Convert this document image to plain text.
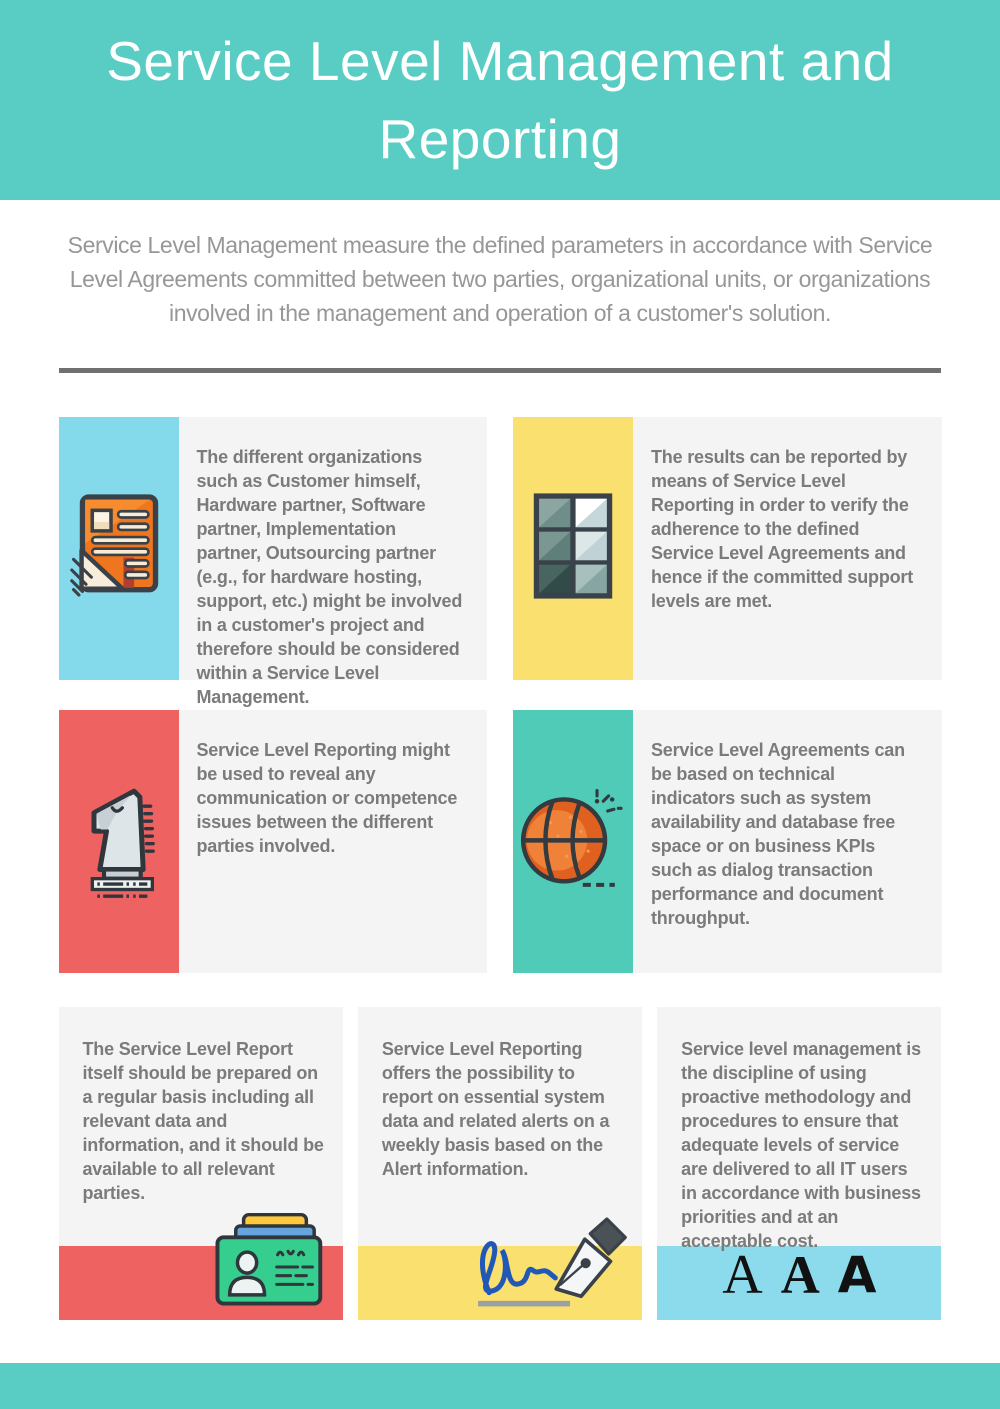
Service Level Management and Reporting
Service Level Management measure the defined parameters in accordance with Service Level Agreements committed between two parties, organizational units, or organizations involved in the management and operation of a customer's solution.
The different organizations such as Customer himself, Hardware partner, Software partner, Implementation partner, Outsourcing partner (e.g., for hardware hosting, support, etc.) might be involved in a customer's project and therefore should be considered within a Service Level Management.
The results can be reported by means of Service Level Reporting in order to verify the adherence to the defined Service Level Agreements and hence if the committed support levels are met.
Service Level Reporting might be used to reveal any communication or competence issues between the different parties involved.
Service Level Agreements can be based on technical indicators such as system availability and database free space or on business KPIs such as dialog transaction performance and document throughput.
The Service Level Report itself should be prepared on a regular basis including all relevant data and information, and it should be available to all relevant parties.
Service Level Reporting offers the possibility to report on essential system data and related alerts on a weekly basis based on the Alert information.
Service level management is the discipline of using proactive methodology and procedures to ensure that adequate levels of service are delivered to all IT users in accordance with business priorities and at an acceptable cost.
A A A
